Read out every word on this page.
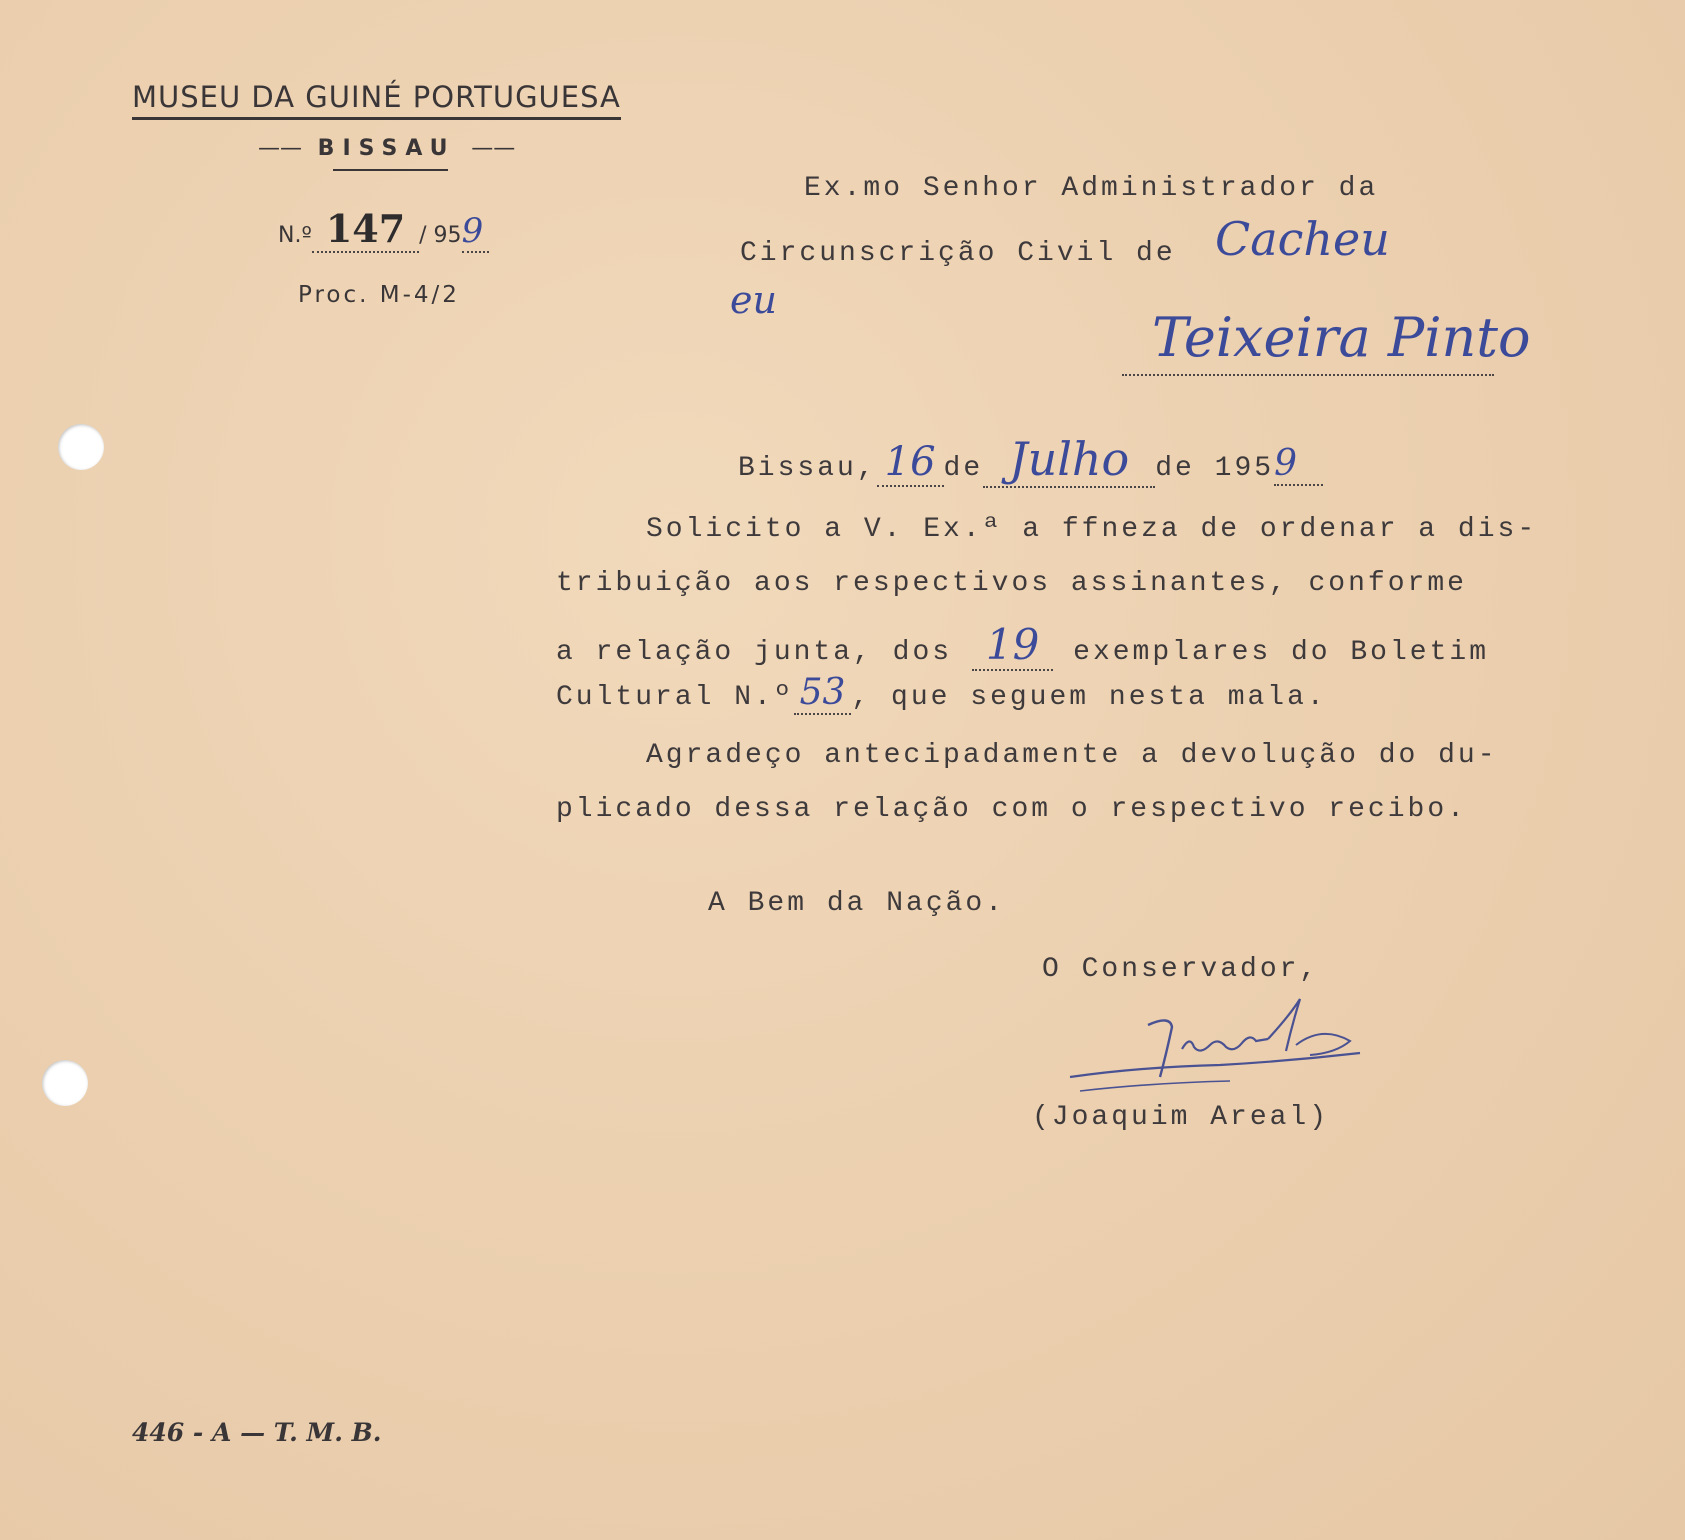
MUSEU DA GUINÉ PORTUGUESA
—— BISSAU ——
N.º 147 / 959
Proc. M-4/2
Ex.mo Senhor Administrador da
Circunscrição Civil de Cacheu
eu
Teixeira Pinto
Bissau, 16 de Julho de 1959
Solicito a V. Ex.ª a ffneza de ordenar a dis-
tribuição aos respectivos assinantes, conforme
a relação junta, dos 19 exemplares do Boletim
Cultural N.º 53 , que seguem nesta mala.
Agradeço antecipadamente a devolução do du-
plicado dessa relação com o respectivo recibo.
A Bem da Nação.
O Conservador,
(Joaquim Areal)
446 - A — T. M. B.
